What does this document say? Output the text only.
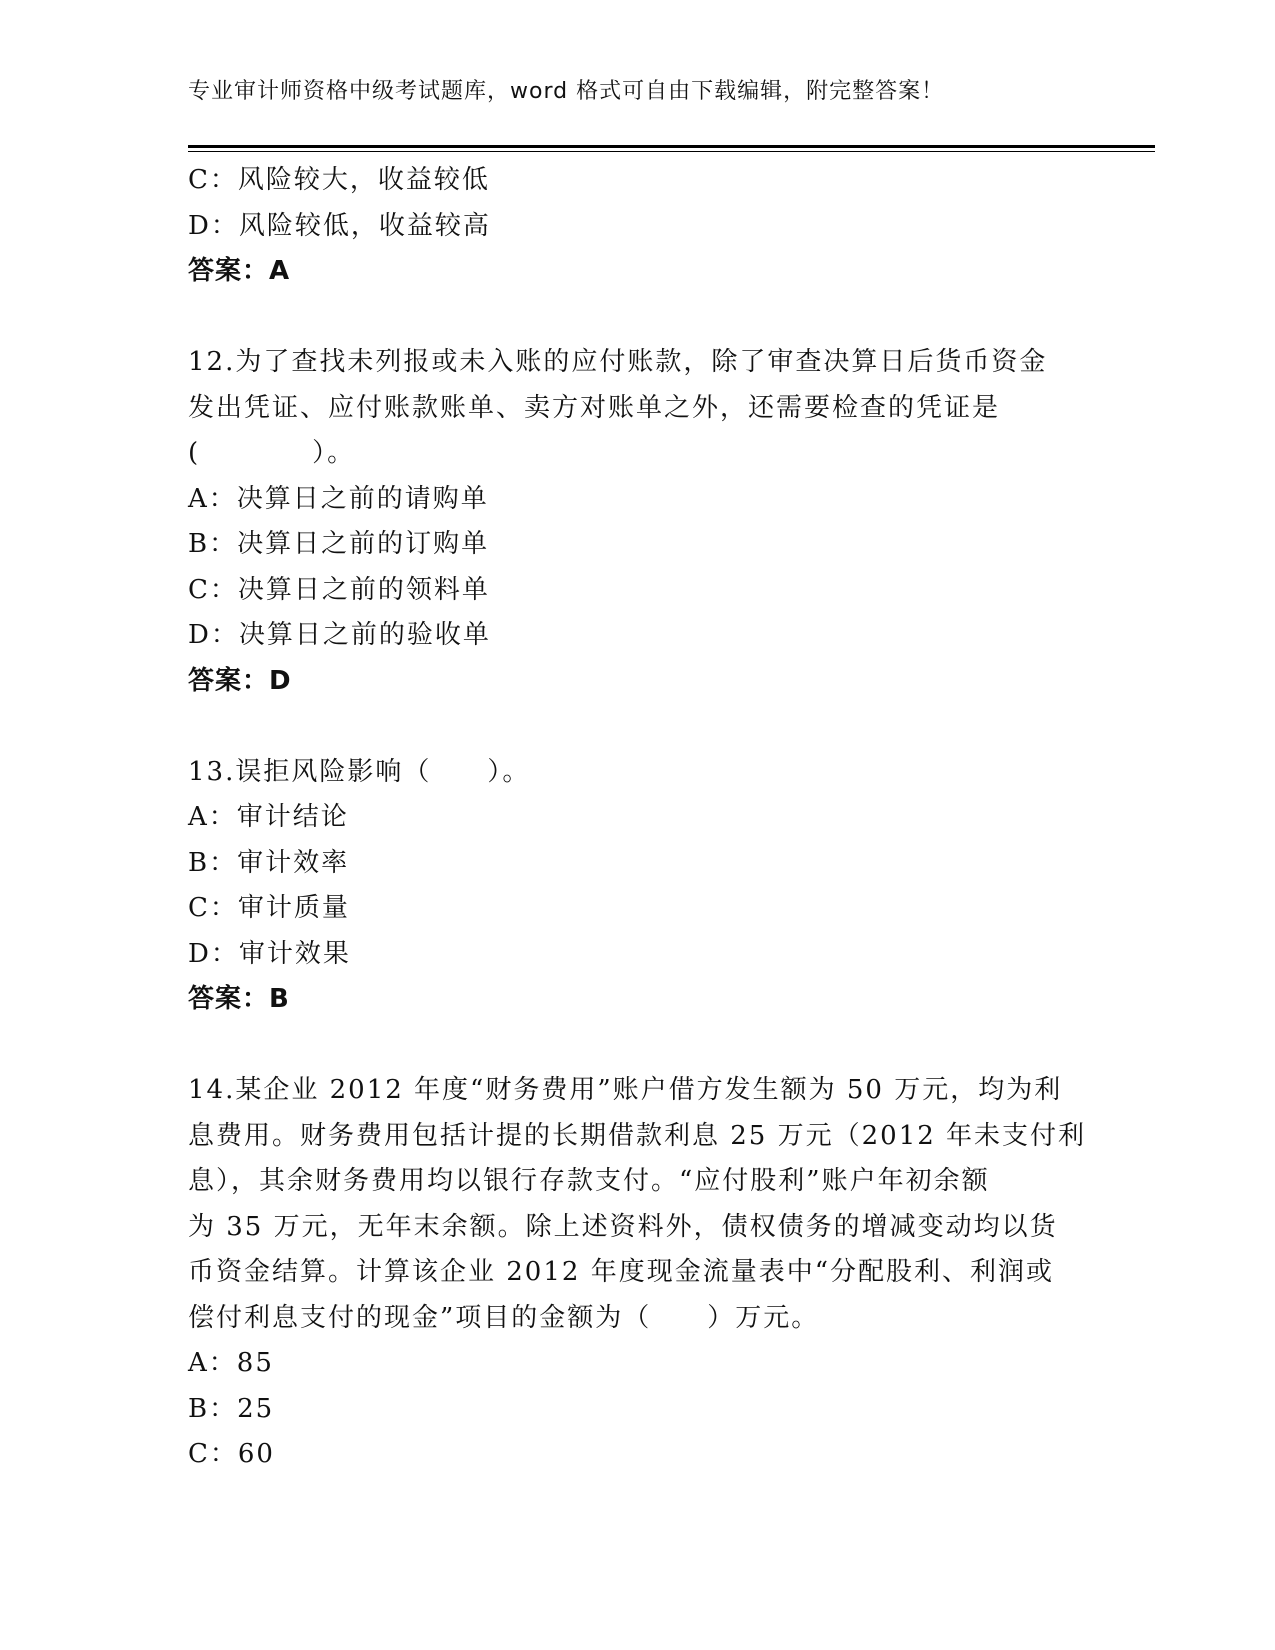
专业审计师资格中级考试题库，word 格式可自由下载编辑，附完整答案！
C：风险较大，收益较低
D：风险较低，收益较高
答案：A
12.为了查找未列报或未入账的应付账款，除了审查决算日后货币资金
发出凭证、应付账款账单、卖方对账单之外，还需要检查的凭证是
(　　　　）。
A：决算日之前的请购单
B：决算日之前的订购单
C：决算日之前的领料单
D：决算日之前的验收单
答案：D
13.误拒风险影响（　　）。
A：审计结论
B：审计效率
C：审计质量
D：审计效果
答案：B
14.某企业 2012 年度“财务费用”账户借方发生额为 50 万元，均为利
息费用。财务费用包括计提的长期借款利息 25 万元（2012 年未支付利
息），其余财务费用均以银行存款支付。“应付股利”账户年初余额
为 35 万元，无年末余额。除上述资料外，债权债务的增减变动均以货
币资金结算。计算该企业 2012 年度现金流量表中“分配股利、利润或
偿付利息支付的现金”项目的金额为（　　）万元。
A：85
B：25
C：60
